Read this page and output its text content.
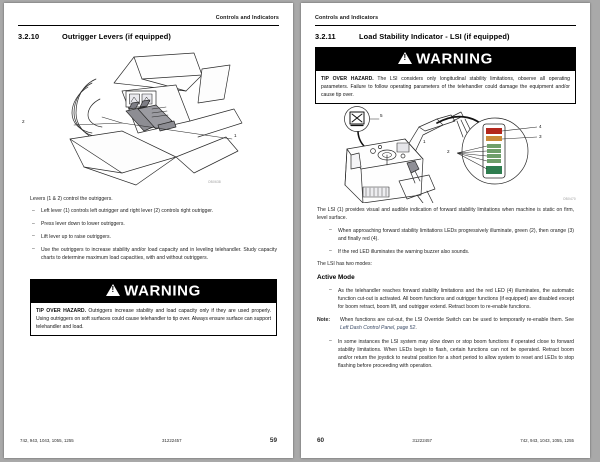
Controls and Indicators
3.2.10	Outrigger Levers (if equipped)
2
1
OB0638

Levers (1 & 2) control the outriggers.

– Left lever (1) controls left outrigger and right lever (2) controls right outrigger.
– Press lever down to lower outriggers.
– Lift lever up to raise outriggers.
– Use the outriggers to increase stability and/or load capacity and in leveling telehandler. Study capacity charts to determine maximum load capacities, with and without outriggers.
!WARNING
TIP OVER HAZARD. Outriggers increase stability and load capacity only if they are used properly. Using outriggers on soft surfaces could cause telehandler to tip over. Always ensure surface can support telehandler and load.
742, 943, 1043, 1055, 1255	31222457	59
Controls and Indicators
3.2.11	Load Stability Indicator - LSI (if equipped)
!WARNING
TIP OVER HAZARD. The LSI considers only longitudinal stability limitations, observe all operating parameters. Failure to follow operating parameters of the telehandler could damage the equipment and/or cause tip over.
5
2
4
3
1
OB0470

The LSI (1) provides visual and audible indication of forward stability limitations when machine is static on firm, level surface.

– When approaching forward stability limitations LEDs progressively illuminate, green (2), then orange (3) and finally red (4).
– If the red LED illuminates the warning buzzer also sounds.

The LSI has two modes:

Active Mode
– As the telehandler reaches forward stability limitations and the red LED (4) illuminates, the automatic function cut-out is activated. All boom functions and outrigger functions (if equipped) are disabled except for boom retract, boom lift, and outrigger extend. Retract boom to re-enable functions.
Note: When functions are cut-out, the LSI Override Switch can be used to temporarily re-enable them. See Left Dash Control Panel, page 52.
– In some instances the LSI system may slow down or stop boom functions if operated close to forward stability limitations. When LEDs begin to flash, certain functions can not be operated. Retract boom and/or return the joystick to neutral position for a short period to allow system to reset and LEDs to stop flashing before proceeding with operation.
742, 943, 1043, 1055, 1255
31222457
60
